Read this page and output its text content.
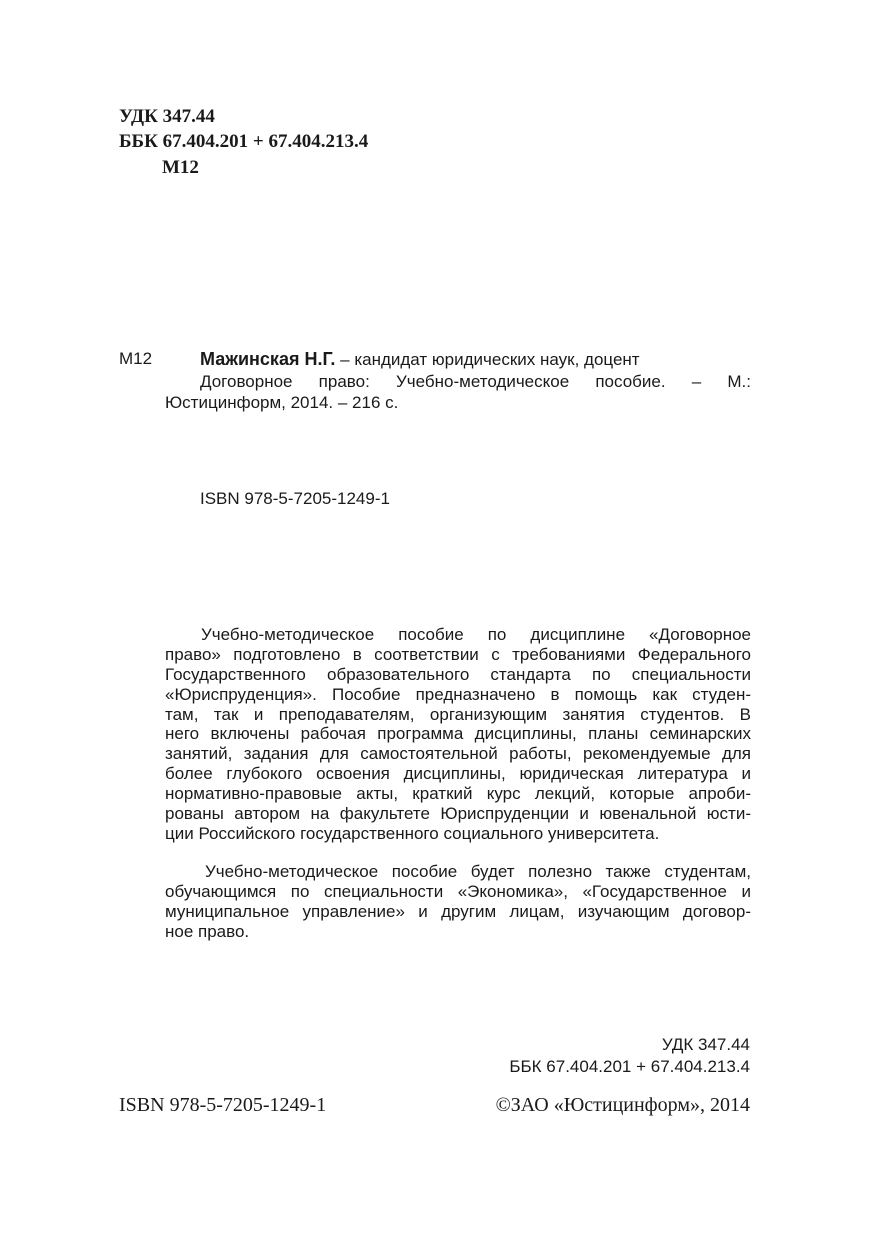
УДК 347.44
ББК 67.404.201 + 67.404.213.4
М12
М12	Мажинская Н.Г. – кандидат юридических наук, доцент
Договорное право: Учебно-методическое пособие. – М.:
Юстицинформ, 2014. – 216 с.
ISBN 978-5-7205-1249-1
Учебно-методическое пособие по дисциплине «Договорное
право» подготовлено в соответствии с требованиями Федерального
Государственного образовательного стандарта по специальности
«Юриспруденция». Пособие предназначено в помощь как студен-
там, так и преподавателям, организующим занятия студентов. В
него включены рабочая программа дисциплины, планы семинарских
занятий, задания для самостоятельной работы, рекомендуемые для
более глубокого освоения дисциплины, юридическая литература и
нормативно-правовые акты, краткий курс лекций, которые апроби-
рованы автором на факультете Юриспруденции и ювенальной юсти-
ции Российского государственного социального университета.
Учебно-методическое пособие будет полезно также студентам,
обучающимся по специальности «Экономика», «Государственное и
муниципальное управление» и другим лицам, изучающим договор-
ное право.
УДК 347.44
ББК 67.404.201 + 67.404.213.4
ISBN 978-5-7205-1249-1	©ЗАО «Юстицинформ», 2014
